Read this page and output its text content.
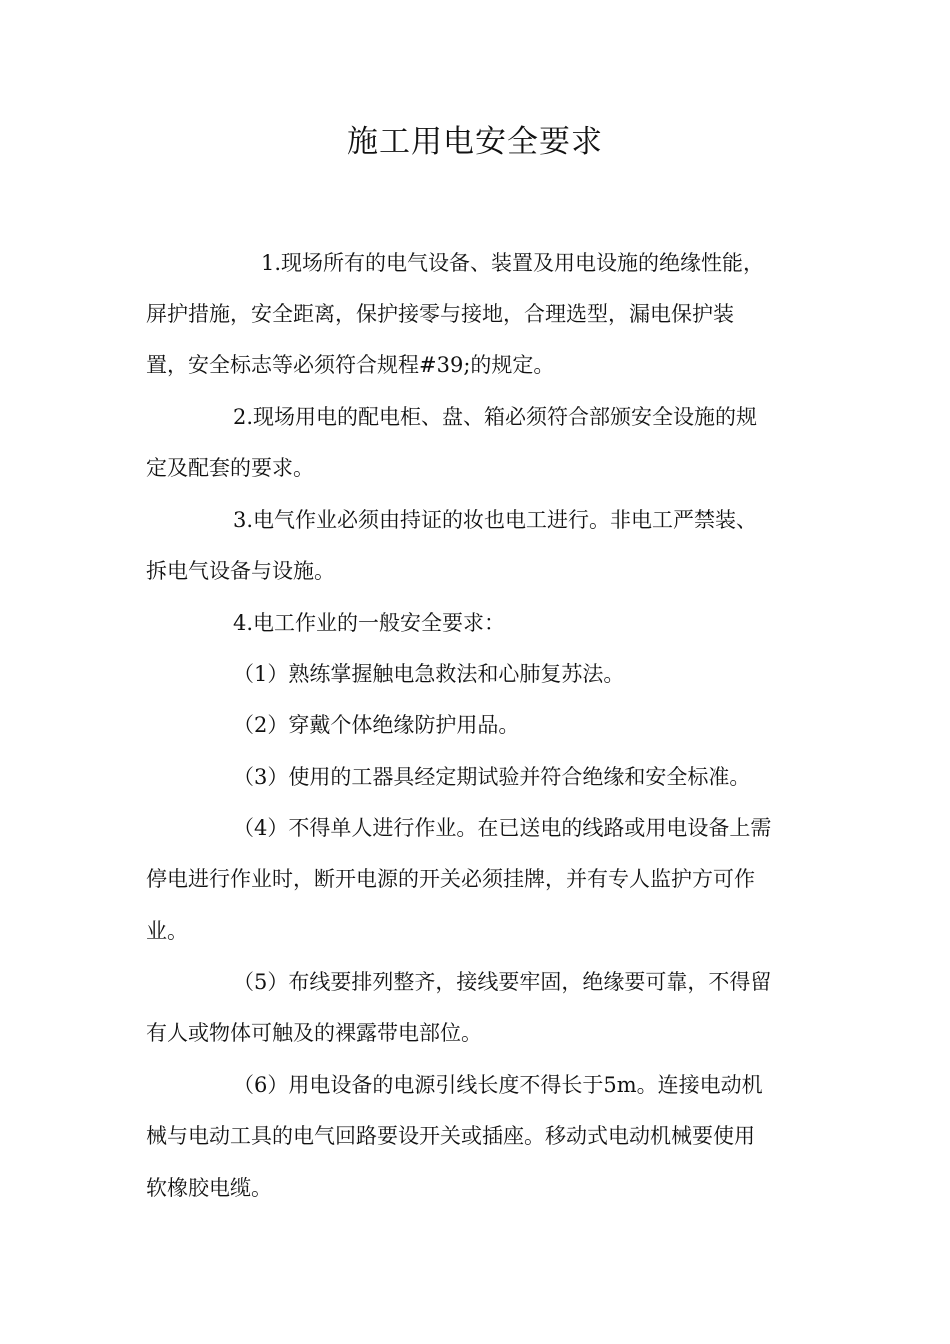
施工用电安全要求
1.现场所有的电气设备、装置及用电设施的绝缘性能，
屏护措施，安全距离，保护接零与接地，合理选型，漏电保护装
置，安全标志等必须符合规程#39;的规定。
2.现场用电的配电柜、盘、箱必须符合部颁安全设施的规
定及配套的要求。
3.电气作业必须由持证的妆也电工进行。非电工严禁装、
拆电气设备与设施。
4.电工作业的一般安全要求：
（1）熟练掌握触电急救法和心肺复苏法。
（2）穿戴个体绝缘防护用品。
（3）使用的工器具经定期试验并符合绝缘和安全标准。
（4）不得单人进行作业。在已送电的线路或用电设备上需
停电进行作业时，断开电源的开关必须挂牌，并有专人监护方可作
业。
（5）布线要排列整齐，接线要牢固，绝缘要可靠，不得留
有人或物体可触及的裸露带电部位。
（6）用电设备的电源引线长度不得长于5m。连接电动机
械与电动工具的电气回路要设开关或插座。移动式电动机械要使用
软橡胶电缆。
